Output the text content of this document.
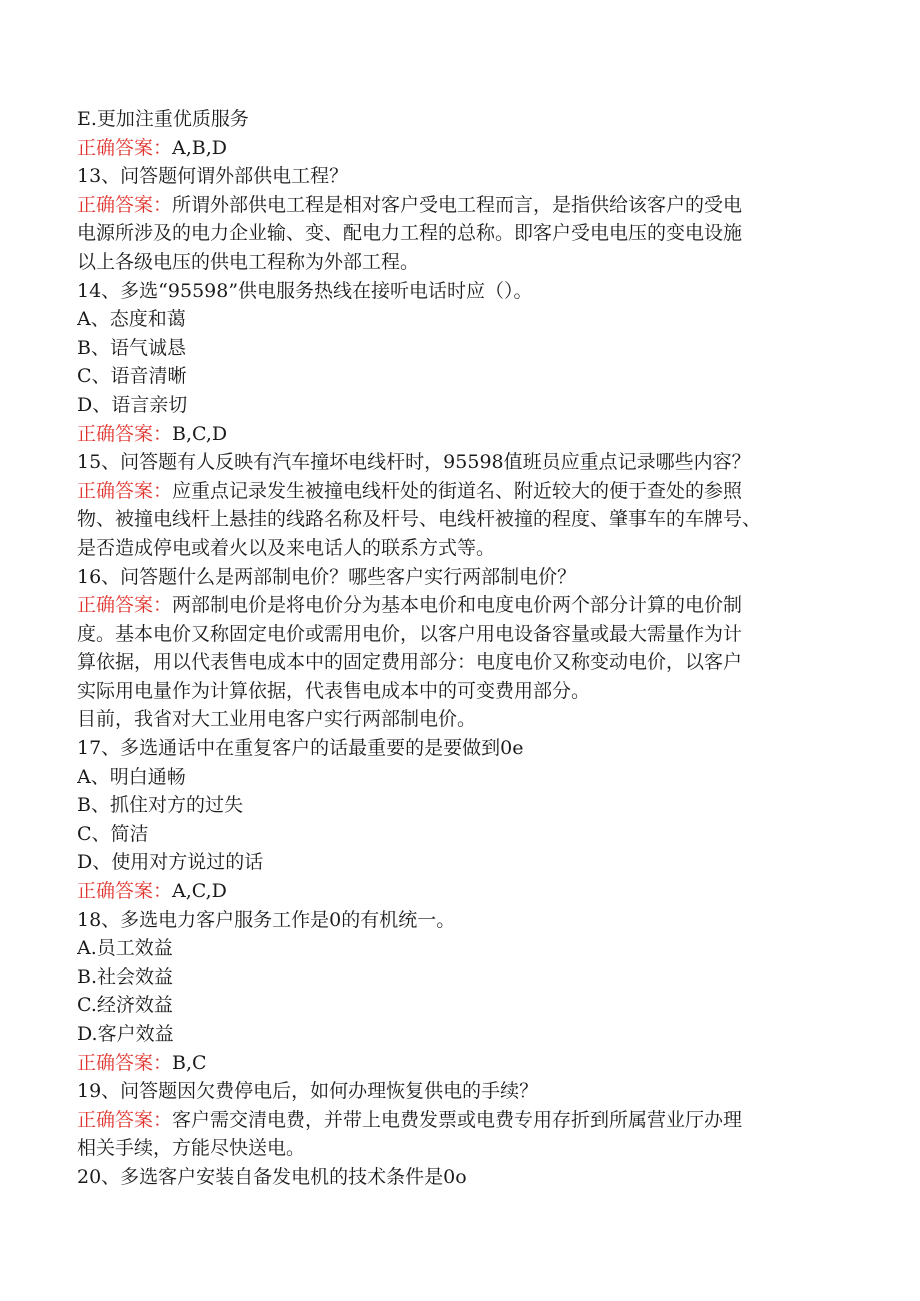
E.更加注重优质服务
正确答案：A,B,D
13、问答题何谓外部供电工程？
正确答案：所谓外部供电工程是相对客户受电工程而言，是指供给该客户的受电
电源所涉及的电力企业输、变、配电力工程的总称。即客户受电电压的变电设施
以上各级电压的供电工程称为外部工程。
14、多选“95598”供电服务热线在接听电话时应（）。
A、态度和蔼
B、语气诚恳
C、语音清晰
D、语言亲切
正确答案：B,C,D
15、问答题有人反映有汽车撞坏电线杆时，95598值班员应重点记录哪些内容？
正确答案：应重点记录发生被撞电线杆处的街道名、附近较大的便于查处的参照
物、被撞电线杆上悬挂的线路名称及杆号、电线杆被撞的程度、肇事车的车牌号、
是否造成停电或着火以及来电话人的联系方式等。
16、问答题什么是两部制电价？哪些客户实行两部制电价？
正确答案：两部制电价是将电价分为基本电价和电度电价两个部分计算的电价制
度。基本电价又称固定电价或需用电价，以客户用电设备容量或最大需量作为计
算依据，用以代表售电成本中的固定费用部分：电度电价又称变动电价，以客户
实际用电量作为计算依据，代表售电成本中的可变费用部分。
目前，我省对大工业用电客户实行两部制电价。
17、多选通话中在重复客户的话最重要的是要做到0e
A、明白通畅
B、抓住对方的过失
C、简洁
D、使用对方说过的话
正确答案：A,C,D
18、多选电力客户服务工作是0的有机统一。
A.员工效益
B.社会效益
C.经济效益
D.客户效益
正确答案：B,C
19、问答题因欠费停电后，如何办理恢复供电的手续？
正确答案：客户需交清电费，并带上电费发票或电费专用存折到所属营业厅办理
相关手续，方能尽快送电。
20、多选客户安装自备发电机的技术条件是0o
